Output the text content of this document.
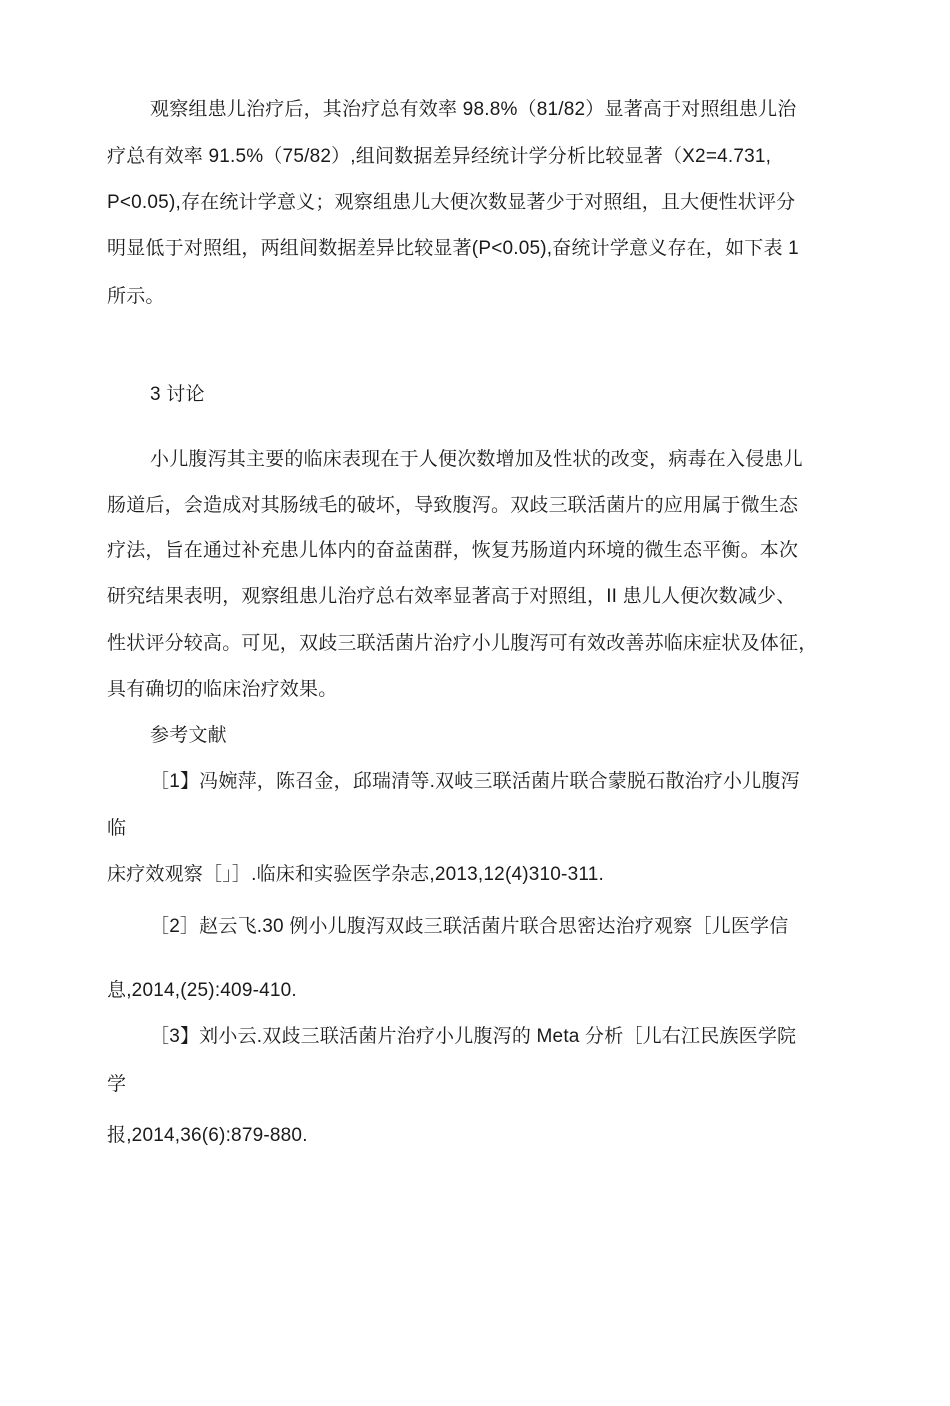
观察组患儿治疗后，其治疗总有效率 98.8%（81/82）显著高于对照组患儿治

疗总有效率 91.5%（75/82）,组间数据差异经统计学分析比较显著（X2=4.731,

P<0.05),存在统计学意义；观察组患儿大便次数显著少于对照组，且大便性状评分

明显低于对照组，两组间数据差异比较显著(P<0.05),奋统计学意义存在，如下表 1

所示。

3 讨论

小儿腹泻其主要的临床表现在于人便次数增加及性状的改变，病毒在入侵患儿

肠道后，会造成对其肠绒毛的破坏，导致腹泻。双歧三联活菌片的应用属于微生态

疗法，旨在通过补充患儿体内的奋益菌群，恢复艿肠道内环境的微生态平衡。本次

研究结果表明，观察组患儿治疗总右效率显著高于对照组，II 患儿人便次数减少、

性状评分较高。可见，双歧三联活菌片治疗小儿腹泻可有效改善苏临床症状及体征，

具有确切的临床治疗效果。

参考文献

［1】冯婉萍，陈召金，邱瑞清等.双岐三联活菌片联合蒙脱石散治疗小儿腹泻

临

床疗效观察［」］.临床和实验医学杂志,2013,12(4)310-311.

［2］赵云飞.30 例小儿腹泻双歧三联活菌片联合思密达治疗观察［儿医学信

息,2014,(25):409-410.

［3】刘小云.双歧三联活菌片治疗小儿腹泻的 Meta 分析［儿右江民族医学院

学

报,2014,36(6):879-880.
